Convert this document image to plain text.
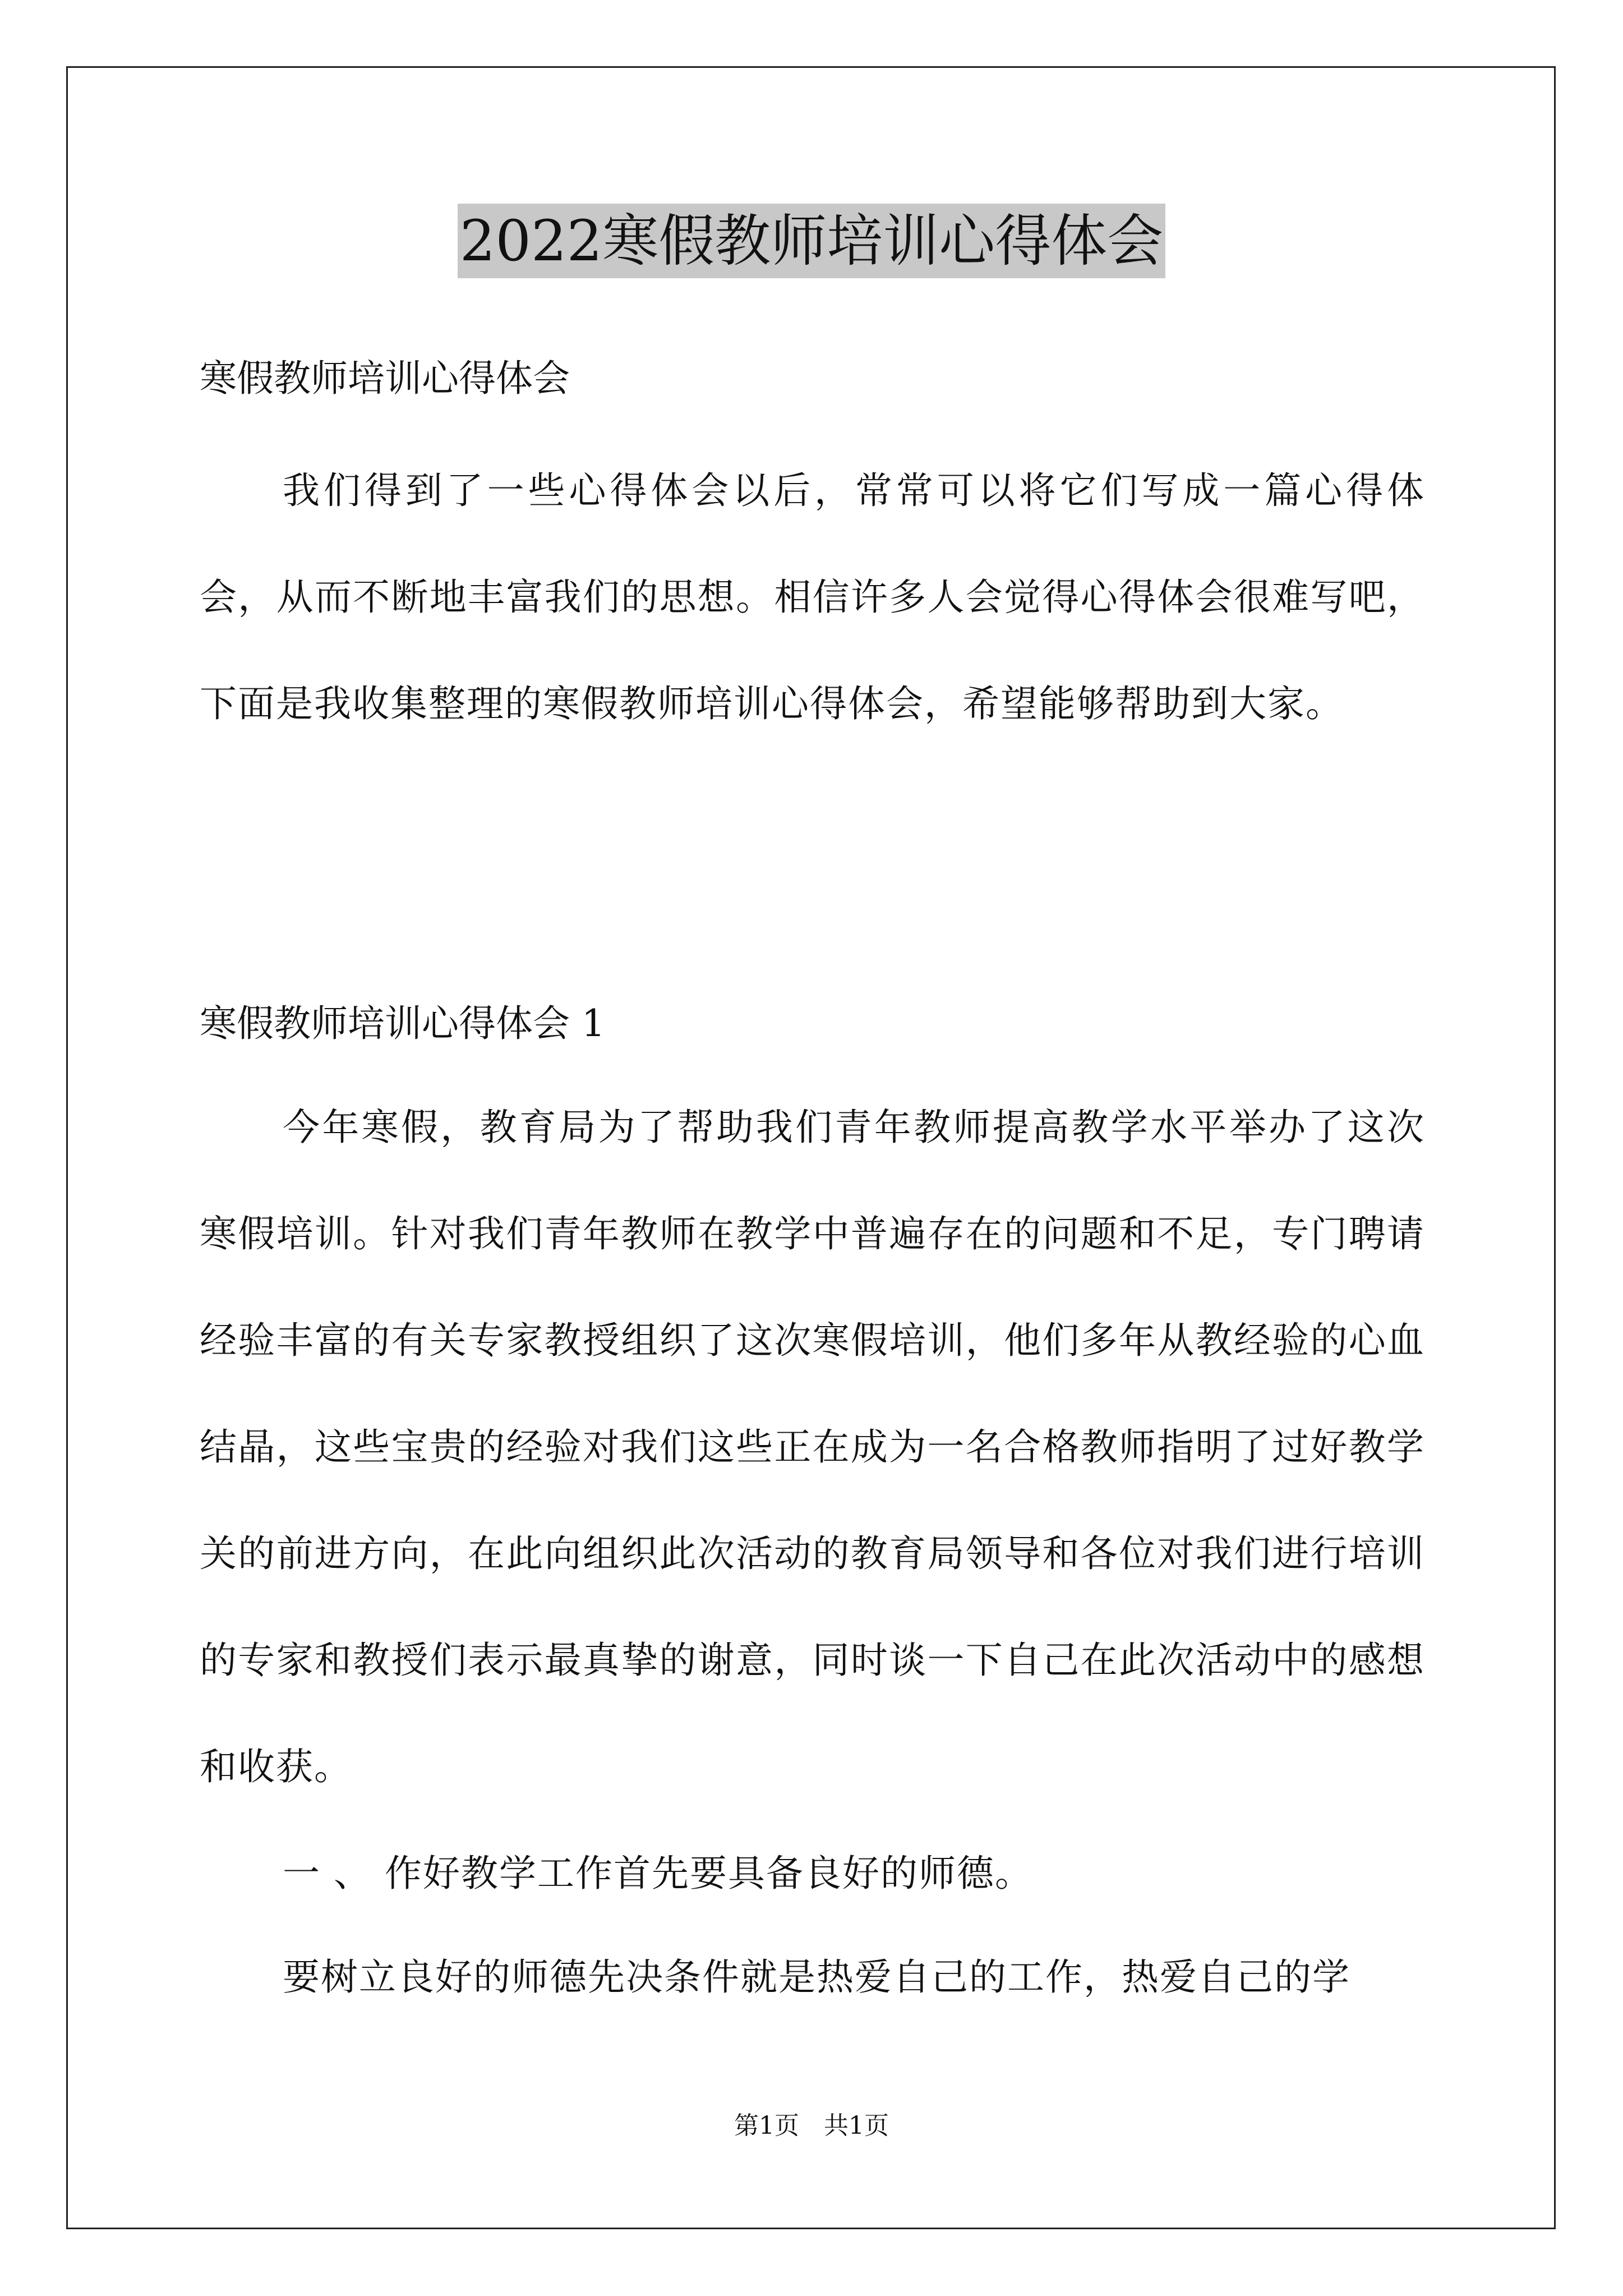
2022寒假教师培训心得体会
寒假教师培训心得体会

我们得到了一些心得体会以后，常常可以将它们写成一篇心得体会，从而不断地丰富我们的思想。相信许多人会觉得心得体会很难写吧，下面是我收集整理的寒假教师培训心得体会，希望能够帮助到大家。

寒假教师培训心得体会 1

今年寒假，教育局为了帮助我们青年教师提高教学水平举办了这次寒假培训。针对我们青年教师在教学中普遍存在的问题和不足，专门聘请经验丰富的有关专家教授组织了这次寒假培训，他们多年从教经验的心血结晶，这些宝贵的经验对我们这些正在成为一名合格教师指明了过好教学关的前进方向，在此向组织此次活动的教育局领导和各位对我们进行培训的专家和教授们表示最真挚的谢意，同时谈一下自己在此次活动中的感想和收获。

一 、 作好教学工作首先要具备良好的师德。

要树立良好的师德先决条件就是热爱自己的工作，热爱自己的学

第1页　共1页
